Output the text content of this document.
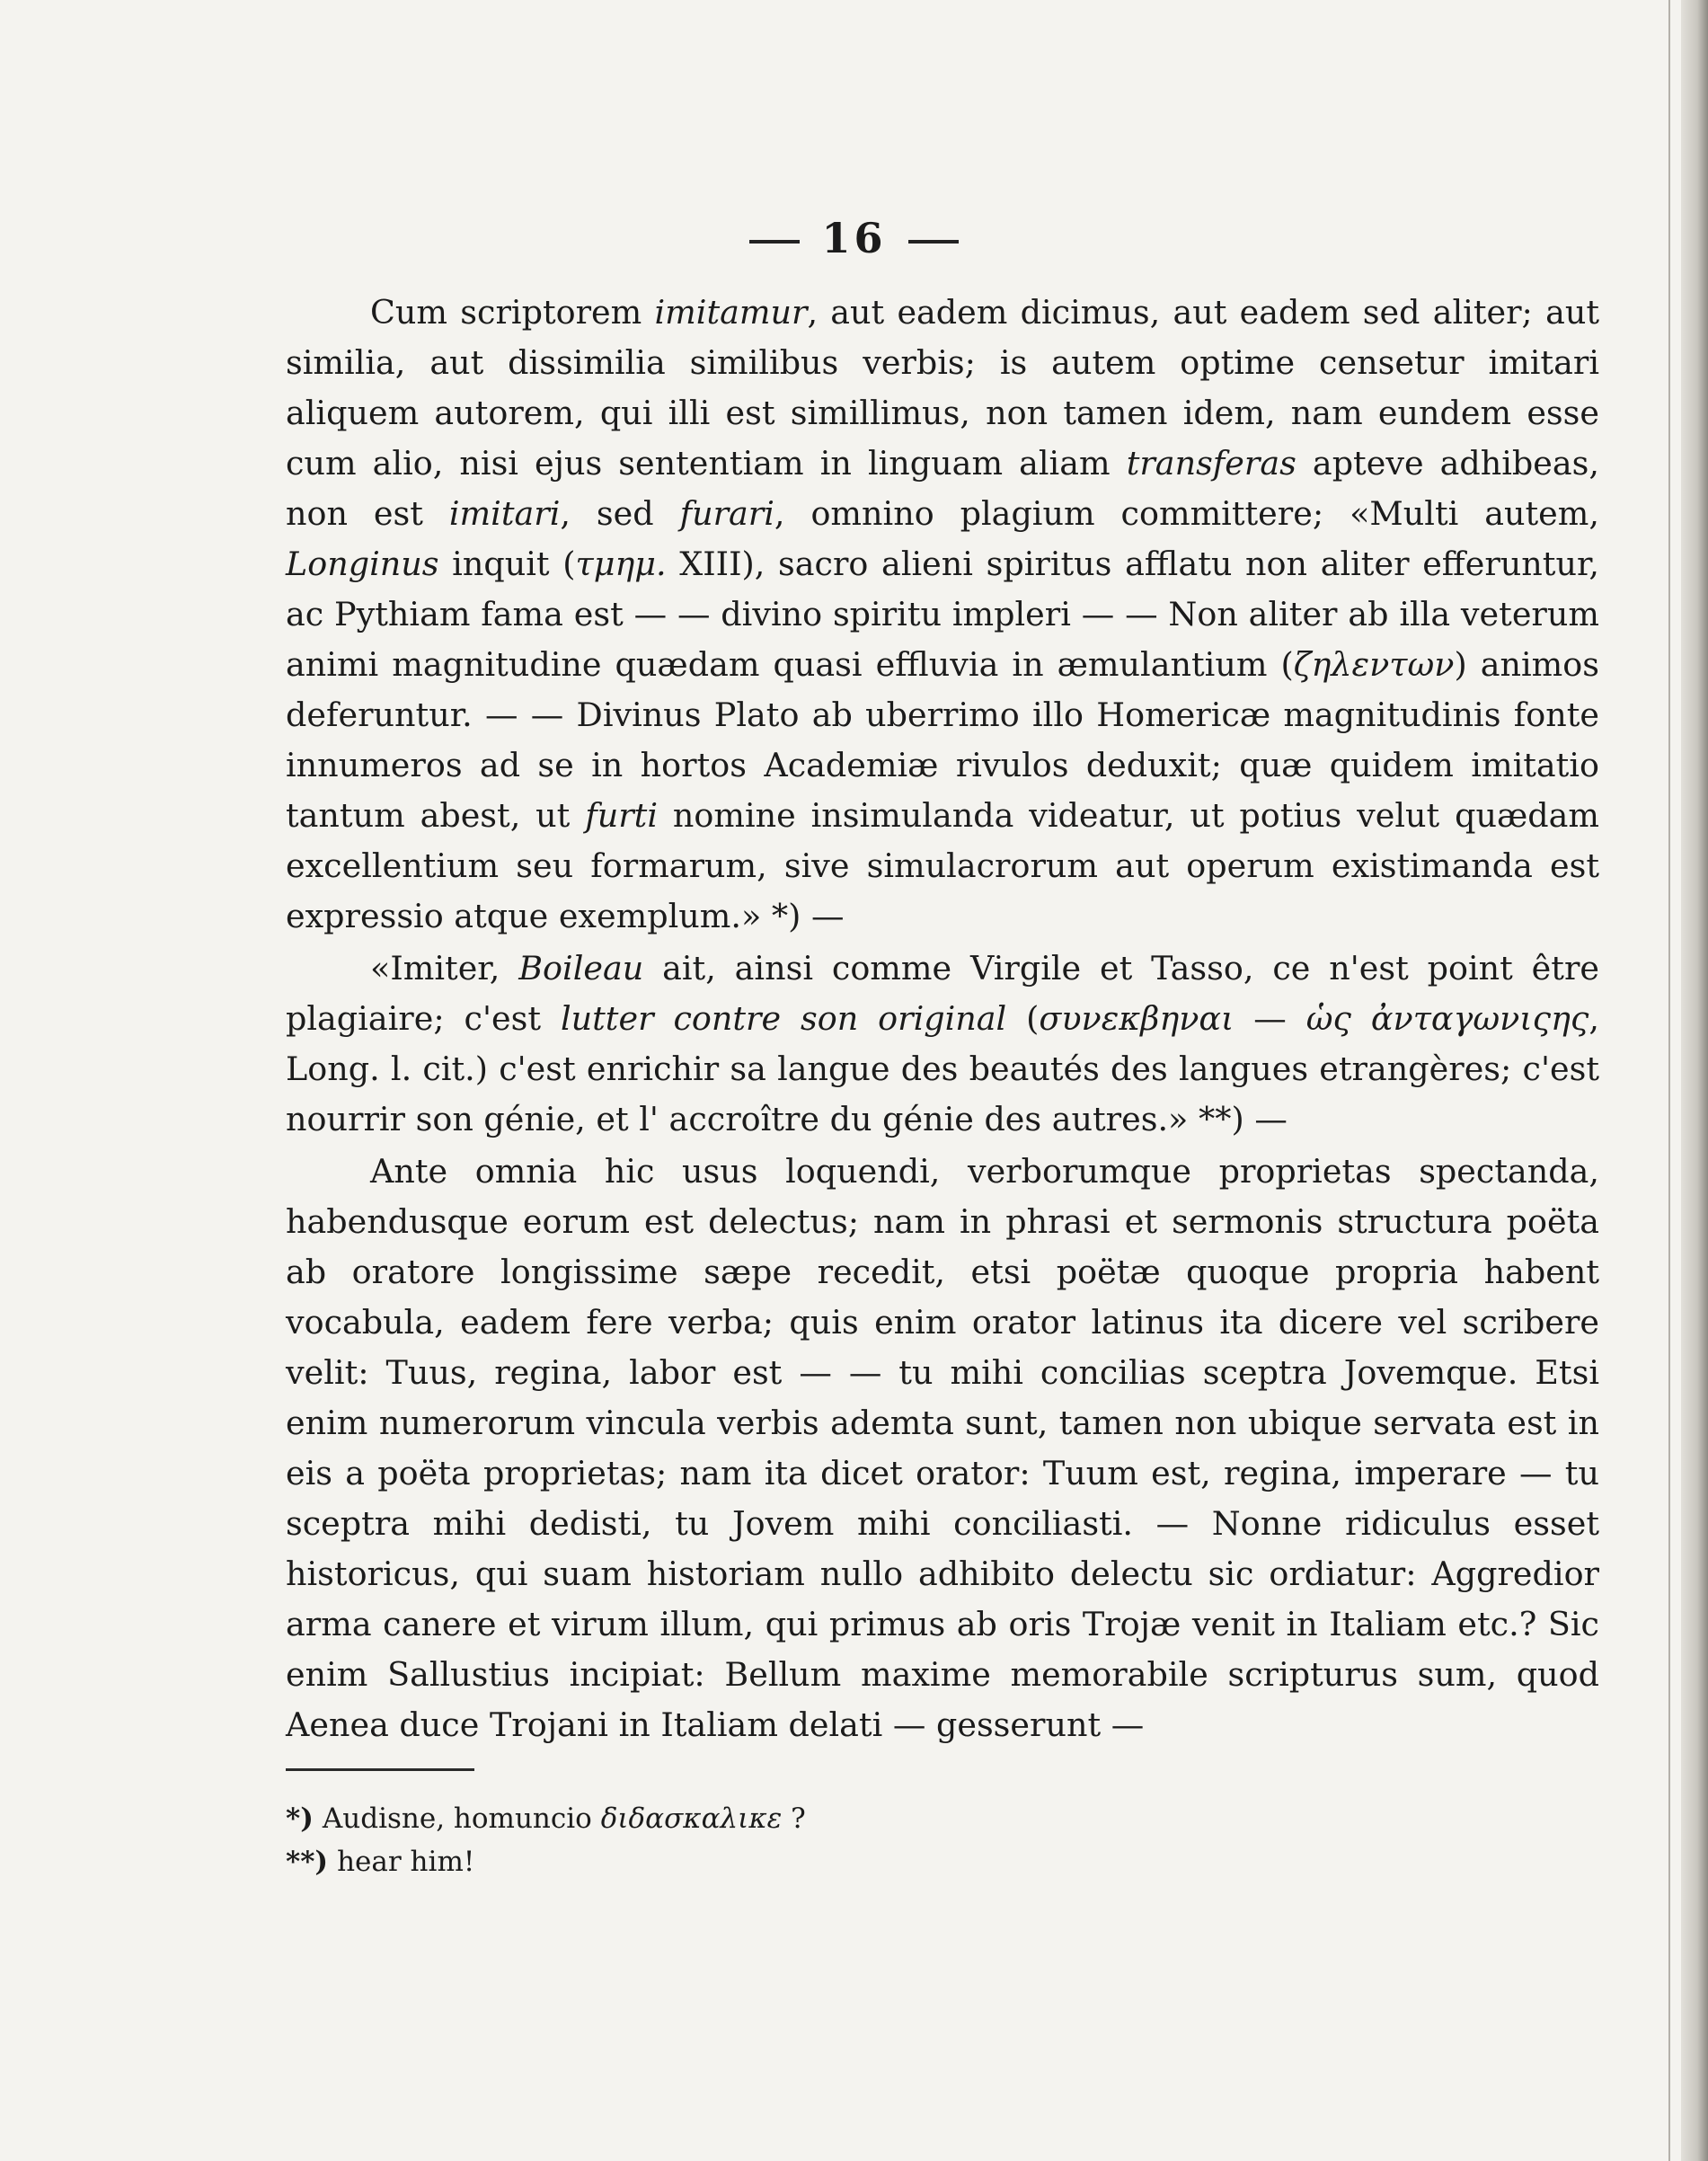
16

Cum scriptorem imitamur, aut eadem dicimus, aut eadem sed aliter; aut similia, aut dissimilia similibus verbis; is autem optime censetur imitari aliquem autorem, qui illi est simillimus, non tamen idem, nam eundem esse cum alio, nisi ejus sententiam in linguam aliam transferas apteve adhibeas, non est imitari, sed furari, omnino plagium committere; «Multi autem, Longinus inquit (τμημ. XIII), sacro alieni spiritus afflatu non aliter efferuntur, ac Pythiam fama est — — divino spiritu impleri — — Non aliter ab illa veterum animi magnitudine quædam quasi effluvia in æmulantium (ζηλεντων) animos deferuntur. — — Divinus Plato ab uberrimo illo Homericæ magnitudinis fonte innumeros ad se in hortos Academiæ rivulos deduxit; quæ quidem imitatio tantum abest, ut furti nomine insimulanda videatur, ut potius velut quædam excellentium seu formarum, sive simulacrorum aut operum existimanda est expressio atque exemplum.» *) —

«Imiter, Boileau ait, ainsi comme Virgile et Tasso, ce n'est point être plagiaire; c'est lutter contre son original (συνεκβηναι — ὡς ἀνταγωνιςης, Long. l. cit.) c'est enrichir sa langue des beautés des langues etrangères; c'est nourrir son génie, et l' accroître du génie des autres.» **) —

Ante omnia hic usus loquendi, verborumque proprietas spectanda, habendusque eorum est delectus; nam in phrasi et sermonis structura poëta ab oratore longissime sæpe recedit, etsi poëtæ quoque propria habent vocabula, eadem fere verba; quis enim orator latinus ita dicere vel scribere velit: Tuus, regina, labor est — — tu mihi concilias sceptra Jovemque. Etsi enim numerorum vincula verbis ademta sunt, tamen non ubique servata est in eis a poëta proprietas; nam ita dicet orator: Tuum est, regina, imperare — tu sceptra mihi dedisti, tu Jovem mihi conciliasti. — Nonne ridiculus esset historicus, qui suam historiam nullo adhibito delectu sic ordiatur: Aggredior arma canere et virum illum, qui primus ab oris Trojæ venit in Italiam etc.? Sic enim Sallustius incipiat: Bellum maxime memorabile scripturus sum, quod Aenea duce Trojani in Italiam delati — gesserunt —

*) Audisne, homuncio διδασκαλικε ?

**) hear him!
